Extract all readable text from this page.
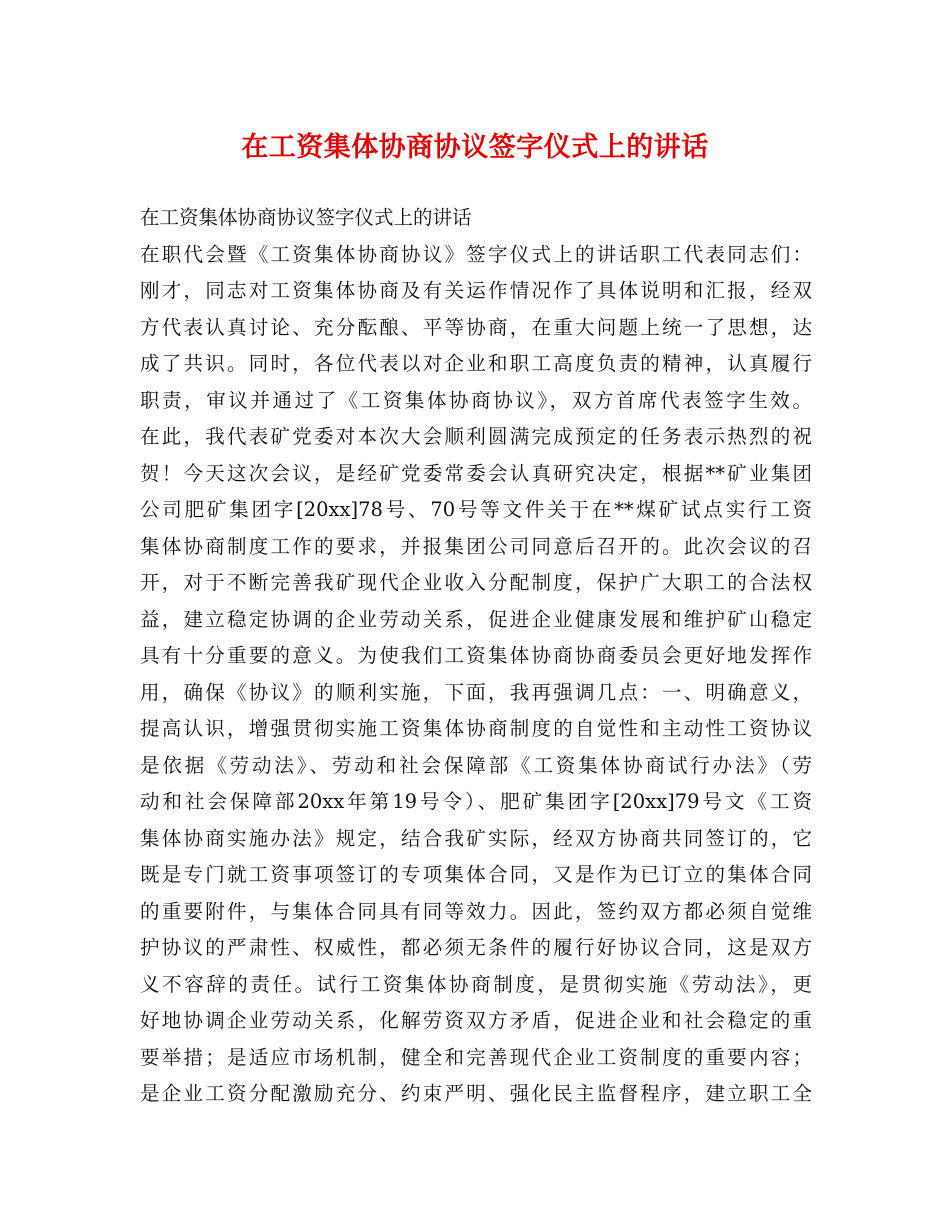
在工资集体协商协议签字仪式上的讲话
在工资集体协商协议签字仪式上的讲话
在职代会暨《工资集体协商协议》签字仪式上的讲话职工代表同志们：
刚才，同志对工资集体协商及有关运作情况作了具体说明和汇报，经双
方代表认真讨论、充分酝酿、平等协商，在重大问题上统一了思想，达
成了共识。同时，各位代表以对企业和职工高度负责的精神，认真履行
职责，审议并通过了《工资集体协商协议》，双方首席代表签字生效。
在此，我代表矿党委对本次大会顺利圆满完成预定的任务表示热烈的祝
贺！今天这次会议，是经矿党委常委会认真研究决定，根据**矿业集团
公司肥矿集团字[20xx]78号、70号等文件关于在**煤矿试点实行工资
集体协商制度工作的要求，并报集团公司同意后召开的。此次会议的召
开，对于不断完善我矿现代企业收入分配制度，保护广大职工的合法权
益，建立稳定协调的企业劳动关系，促进企业健康发展和维护矿山稳定
具有十分重要的意义。为使我们工资集体协商协商委员会更好地发挥作
用，确保《协议》的顺利实施，下面，我再强调几点：一、明确意义，
提高认识，增强贯彻实施工资集体协商制度的自觉性和主动性工资协议
是依据《劳动法》、劳动和社会保障部《工资集体协商试行办法》（劳
动和社会保障部20xx年第19号令）、肥矿集团字[20xx]79号文《工资
集体协商实施办法》规定，结合我矿实际，经双方协商共同签订的，它
既是专门就工资事项签订的专项集体合同，又是作为已订立的集体合同
的重要附件，与集体合同具有同等效力。因此，签约双方都必须自觉维
护协议的严肃性、权威性，都必须无条件的履行好协议合同，这是双方
义不容辞的责任。试行工资集体协商制度，是贯彻实施《劳动法》，更
好地协调企业劳动关系，化解劳资双方矛盾，促进企业和社会稳定的重
要举措；是适应市场机制，健全和完善现代企业工资制度的重要内容；
是企业工资分配激励充分、约束严明、强化民主监督程序，建立职工全
